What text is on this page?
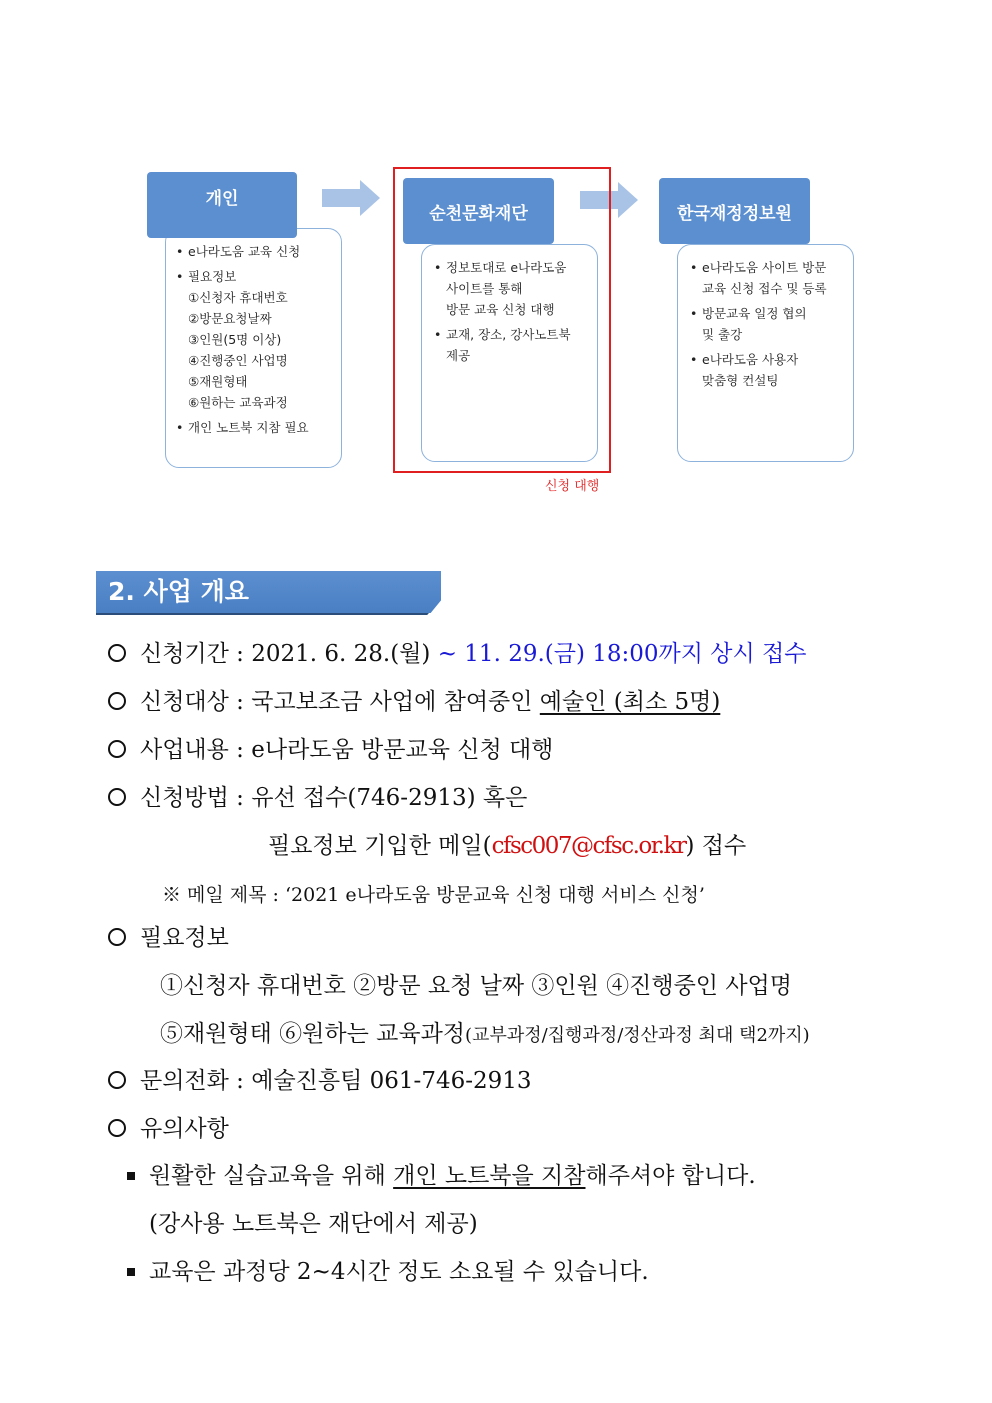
• e나라도움 교육 신청
• 필요정보
①신청자 휴대번호
②방문요청날짜
③인원(5명 이상)
④진행중인 사업명
⑤재원형태
⑥원하는 교육과정
• 개인 노트북 지참 필요
개인
• 정보토대로 e나라도움
사이트를 통해
방문 교육 신청 대행
• 교재, 장소, 강사노트북
제공
순천문화재단
신청 대행
• e나라도움 사이트 방문
교육 신청 접수 및 등록
• 방문교육 일정 협의
및 출강
• e나라도움 사용자
맞춤형 컨설팅
한국재정정보원
2. 사업 개요
신청기간 : 2021. 6. 28.(월) ~ 11. 29.(금) 18:00까지 상시 접수
신청대상 : 국고보조금 사업에 참여중인 예술인 (최소 5명)
사업내용 : e나라도움 방문교육 신청 대행
신청방법 : 유선 접수(746-2913) 혹은
필요정보 기입한 메일(cfsc007@cfsc.or.kr) 접수
※ 메일 제목 : ‘2021 e나라도움 방문교육 신청 대행 서비스 신청’
필요정보
①신청자 휴대번호 ②방문 요청 날짜 ③인원 ④진행중인 사업명
⑤재원형태 ⑥원하는 교육과정(교부과정/집행과정/정산과정 최대 택2까지)
문의전화 : 예술진흥팀 061-746-2913
유의사항
원활한 실습교육을 위해 개인 노트북을 지참해주셔야 합니다.
(강사용 노트북은 재단에서 제공)
교육은 과정당 2~4시간 정도 소요될 수 있습니다.
